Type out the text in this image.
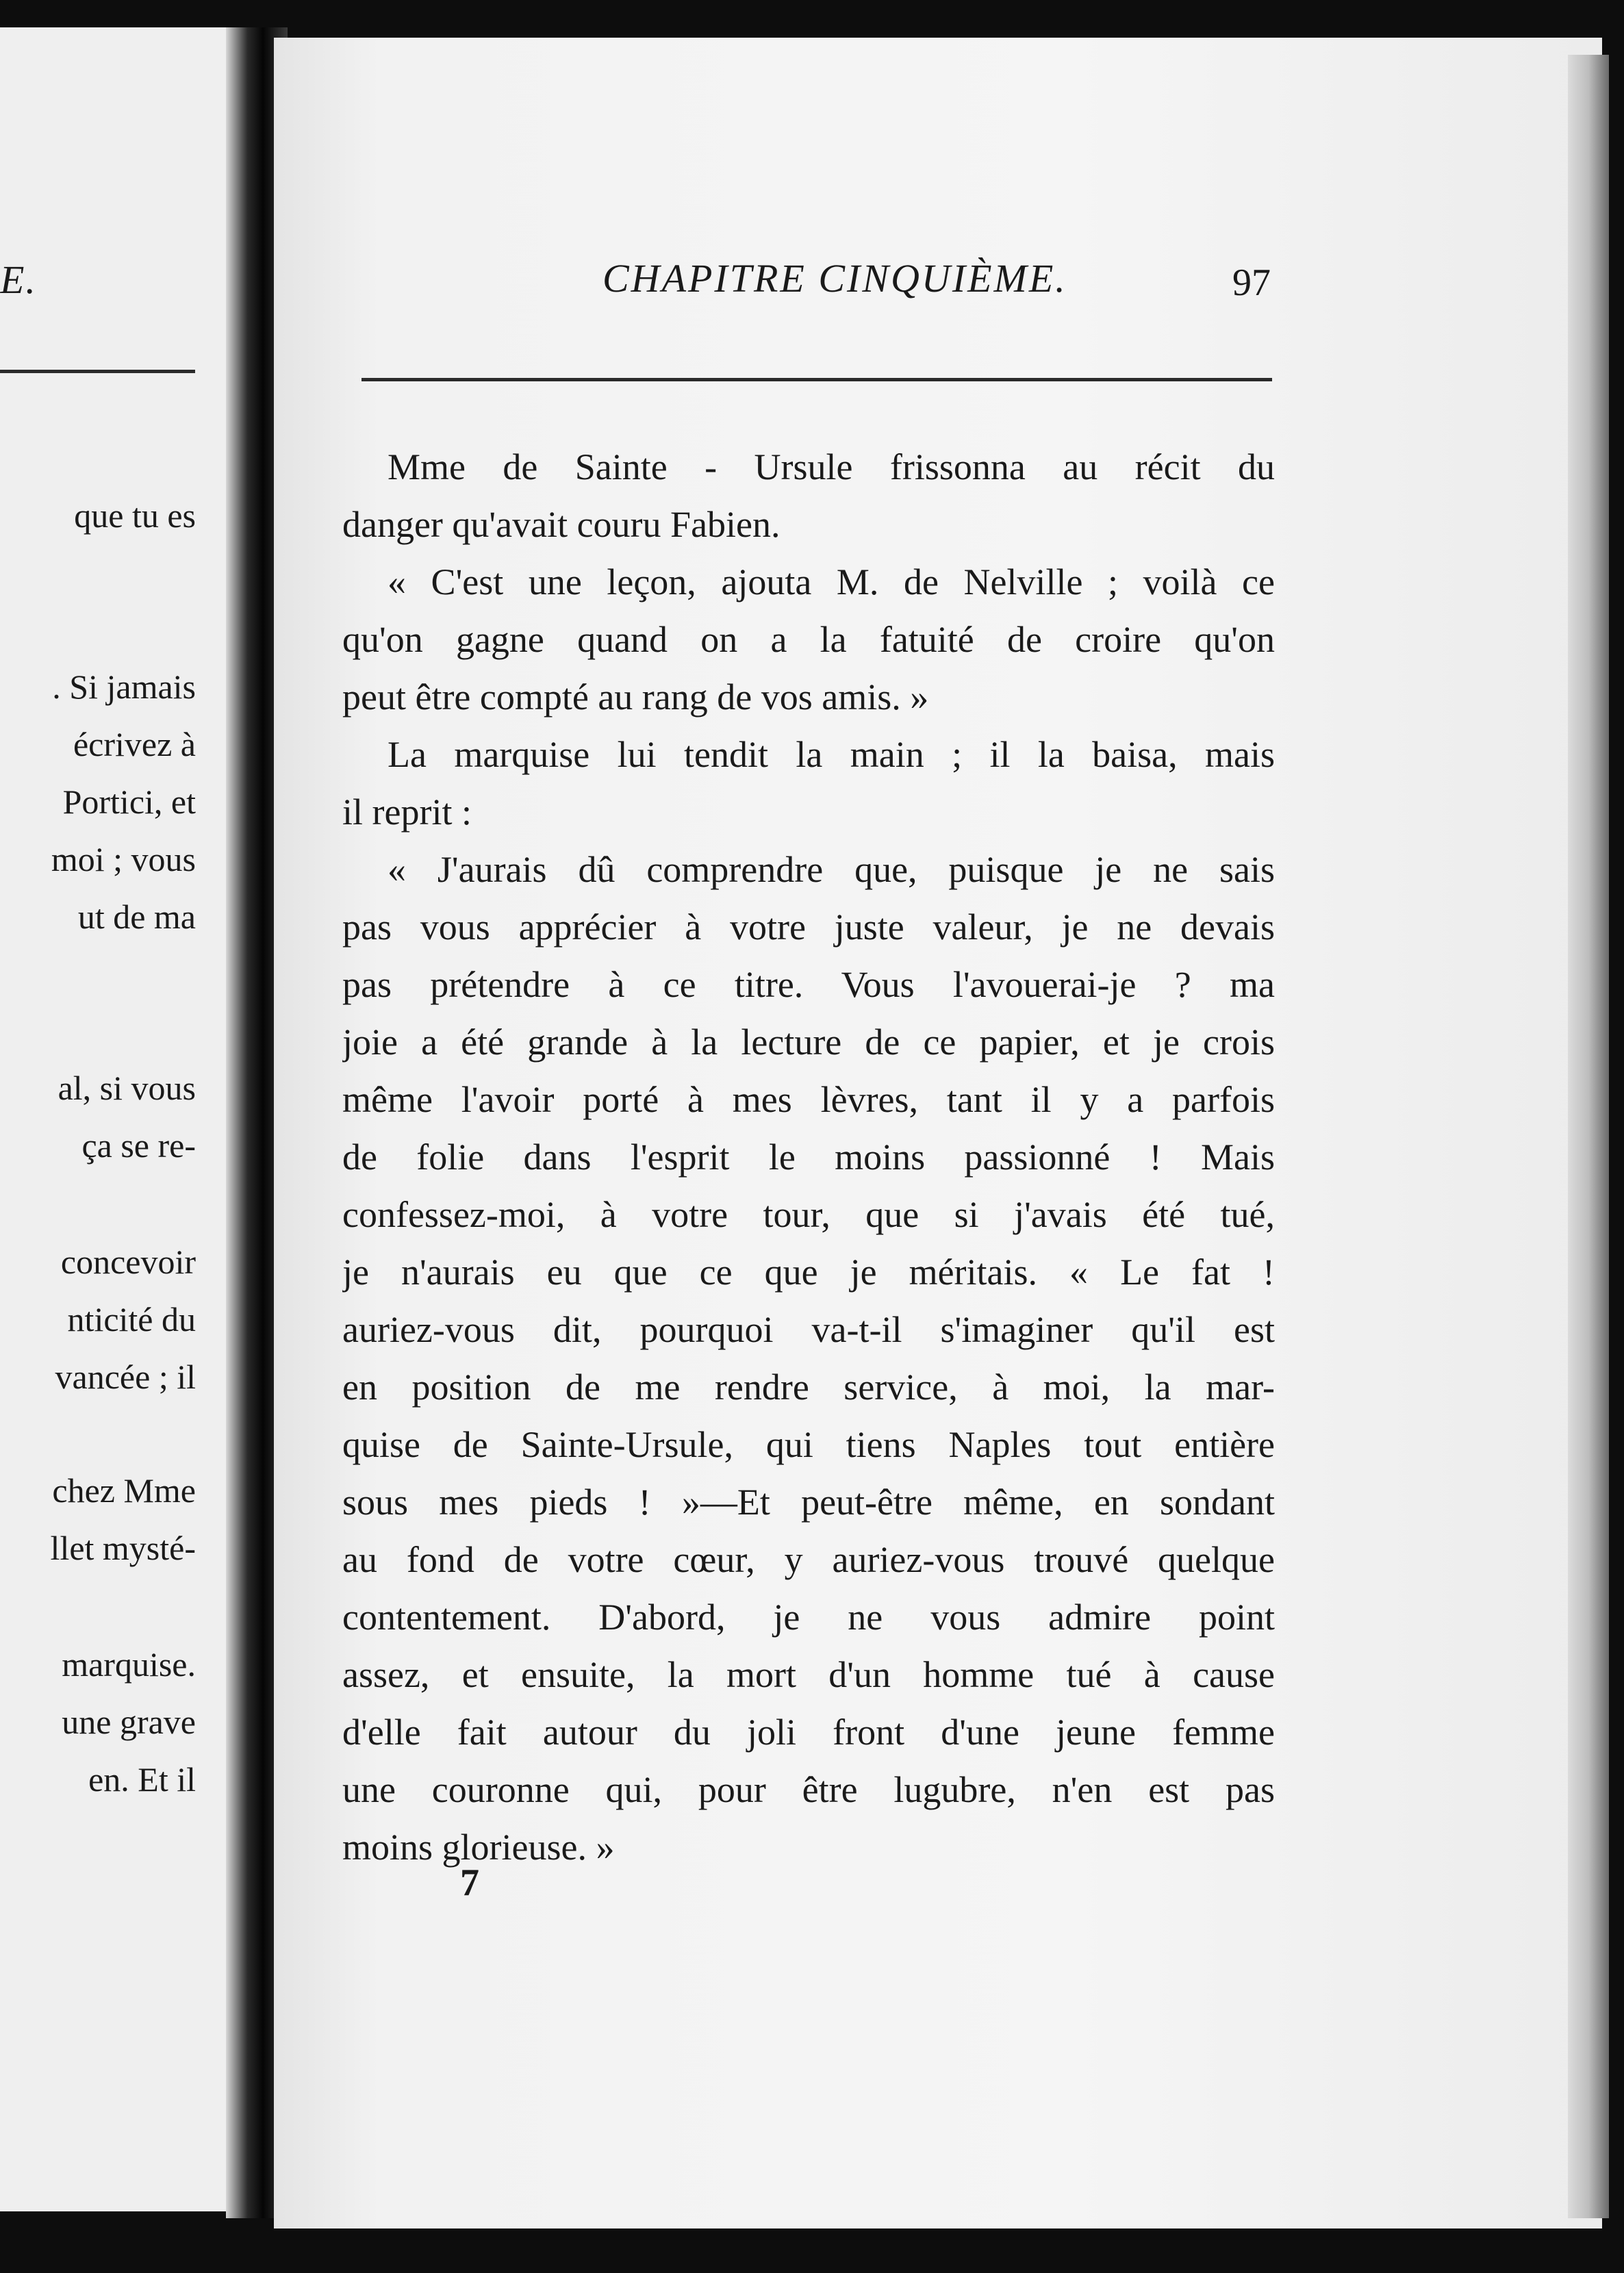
E.
que tu es
. Si jamais
écrivez à
Portici, et
moi ; vous
ut de ma
al, si vous
ça se re-
concevoir
nticité du
vancée ; il
chez Mme
llet mysté-
marquise.
une grave
en. Et il
CHAPITRE CINQUIÈME.	97
Mme de Sainte - Ursule frissonna au récit du
danger qu'avait couru Fabien.
« C'est une leçon, ajouta M. de Nelville ; voilà ce
qu'on gagne quand on a la fatuité de croire qu'on
peut être compté au rang de vos amis. »
La marquise lui tendit la main ; il la baisa, mais
il reprit :
« J'aurais dû comprendre que, puisque je ne sais
pas vous apprécier à votre juste valeur, je ne devais
pas prétendre à ce titre. Vous l'avouerai-je ? ma
joie a été grande à la lecture de ce papier, et je crois
même l'avoir porté à mes lèvres, tant il y a parfois
de folie dans l'esprit le moins passionné ! Mais
confessez-moi, à votre tour, que si j'avais été tué,
je n'aurais eu que ce que je méritais. « Le fat !
auriez-vous dit, pourquoi va-t-il s'imaginer qu'il est
en position de me rendre service, à moi, la mar-
quise de Sainte-Ursule, qui tiens Naples tout entière
sous mes pieds ! »—Et peut-être même, en sondant
au fond de votre cœur, y auriez-vous trouvé quelque
contentement. D'abord, je ne vous admire point
assez, et ensuite, la mort d'un homme tué à cause
d'elle fait autour du joli front d'une jeune femme
une couronne qui, pour être lugubre, n'en est pas
moins glorieuse. »
7
